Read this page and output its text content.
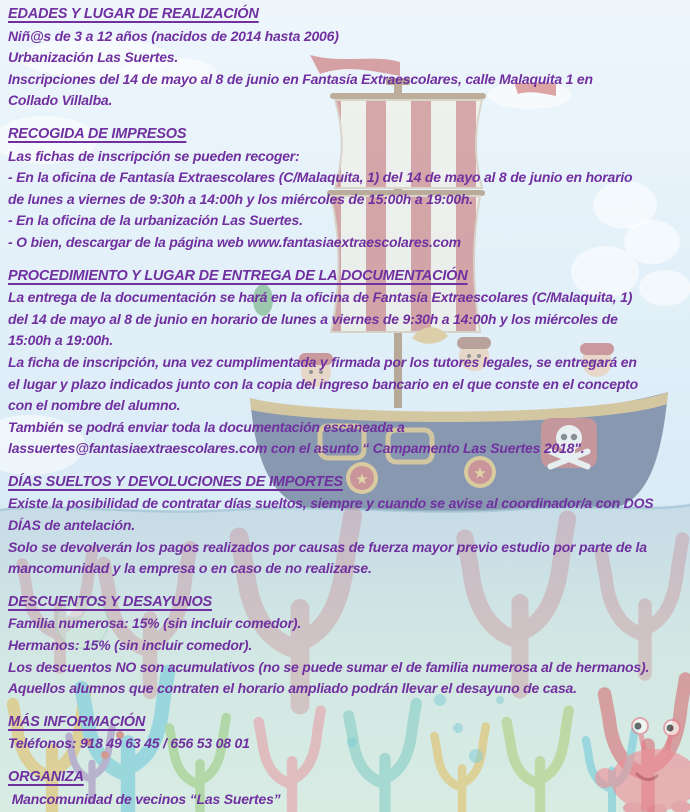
★	★
EDADES Y LUGAR DE REALIZACIÓN
Niñ@s de 3 a 12 años (nacidos de 2014 hasta 2006)
Urbanización Las Suertes.
Inscripciones del 14 de mayo al 8 de junio en Fantasía Extraescolares, calle Malaquita 1 en
Collado Villalba.
RECOGIDA DE IMPRESOS
Las fichas de inscripción se pueden recoger:
- En la oficina de Fantasía Extraescolares (C/Malaquita, 1) del 14 de mayo al 8 de junio en horario
de lunes a viernes de 9:30h a 14:00h y los miércoles de 15:00h a 19:00h.
- En la oficina de la urbanización Las Suertes.
- O bien, descargar de la página web www.fantasiaextraescolares.com
PROCEDIMIENTO Y LUGAR DE ENTREGA DE LA DOCUMENTACIÓN
La entrega de la documentación se hará en la oficina de Fantasía Extraescolares (C/Malaquita, 1)
del 14 de mayo al 8 de junio en horario de lunes a viernes de 9:30h a 14:00h y los miércoles de
15:00h a 19:00h.
La ficha de inscripción, una vez cumplimentada y firmada por los tutores legales, se entregará en
el lugar y plazo indicados junto con la copia del ingreso bancario en el que conste en el concepto
con el nombre del alumno.
También se podrá enviar toda la documentación escaneada a
lassuertes@fantasiaextraescolares.com con el asunto “ Campamento Las Suertes 2018".
DÍAS SUELTOS Y DEVOLUCIONES DE IMPORTES
Existe la posibilidad de contratar días sueltos, siempre y cuando se avise al coordinador/a con DOS
DÍAS de antelación.
Solo se devolverán los pagos realizados por causas de fuerza mayor previo estudio por parte de la
mancomunidad y la empresa o en caso de no realizarse.
DESCUENTOS Y DESAYUNOS
Familia numerosa: 15% (sin incluir comedor).
Hermanos: 15% (sin incluir comedor).
Los descuentos NO son acumulativos (no se puede sumar el de familia numerosa al de hermanos).
Aquellos alumnos que contraten el horario ampliado podrán llevar el desayuno de casa.
MÁS INFORMACIÓN
Teléfonos: 918 49 63 45 / 656 53 08 01
ORGANIZA
Mancomunidad de vecinos “Las Suertes”
